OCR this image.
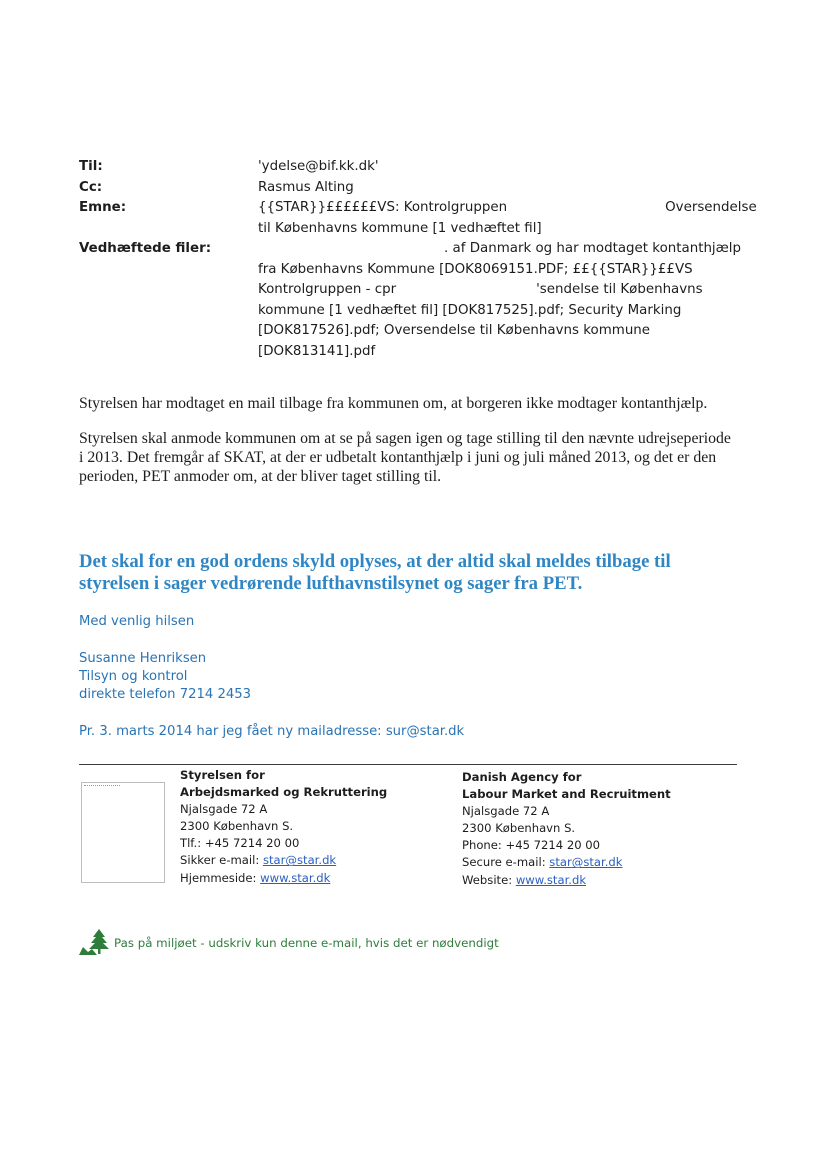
Til:	'ydelse@bif.kk.dk'
Cc:	Rasmus Alting
Emne:	{{STAR}}££££££VS: Kontrolgruppen	Oversendelse
til Københavns kommune [1 vedhæftet fil]
Vedhæftede filer:	. af Danmark og har modtaget kontanthjælp
fra Københavns Kommune [DOK8069151.PDF; ££{{STAR}}££VS
Kontrolgruppen - cpr	'sendelse til Københavns
kommune [1 vedhæftet fil] [DOK817525].pdf; Security Marking
[DOK817526].pdf; Oversendelse til Københavns kommune
[DOK813141].pdf
Styrelsen har modtaget en mail tilbage fra kommunen om, at borgeren ikke modtager kontanthjælp.
Styrelsen skal anmode kommunen om at se på sagen igen og tage stilling til den nævnte udrejseperiode
i 2013. Det fremgår af SKAT, at der er udbetalt kontanthjælp i juni og juli måned 2013, og det er den
perioden, PET anmoder om, at der bliver taget stilling til.
Det skal for en god ordens skyld oplyses, at der altid skal meldes tilbage til
styrelsen i sager vedrørende lufthavnstilsynet og sager fra PET.
Med venlig hilsen
Susanne Henriksen
Tilsyn og kontrol
direkte telefon 7214 2453
Pr. 3. marts 2014 har jeg fået ny mailadresse: sur@star.dk
Styrelsen for
Arbejdsmarked og Rekruttering
Njalsgade 72 A
2300 København S.
Tlf.: +45 7214 20 00
Sikker e-mail: star@star.dk
Hjemmeside: www.star.dk
Danish Agency for
Labour Market and Recruitment
Njalsgade 72 A
2300 København S.
Phone: +45 7214 20 00
Secure e-mail: star@star.dk
Website: www.star.dk
Pas på miljøet - udskriv kun denne e-mail, hvis det er nødvendigt
